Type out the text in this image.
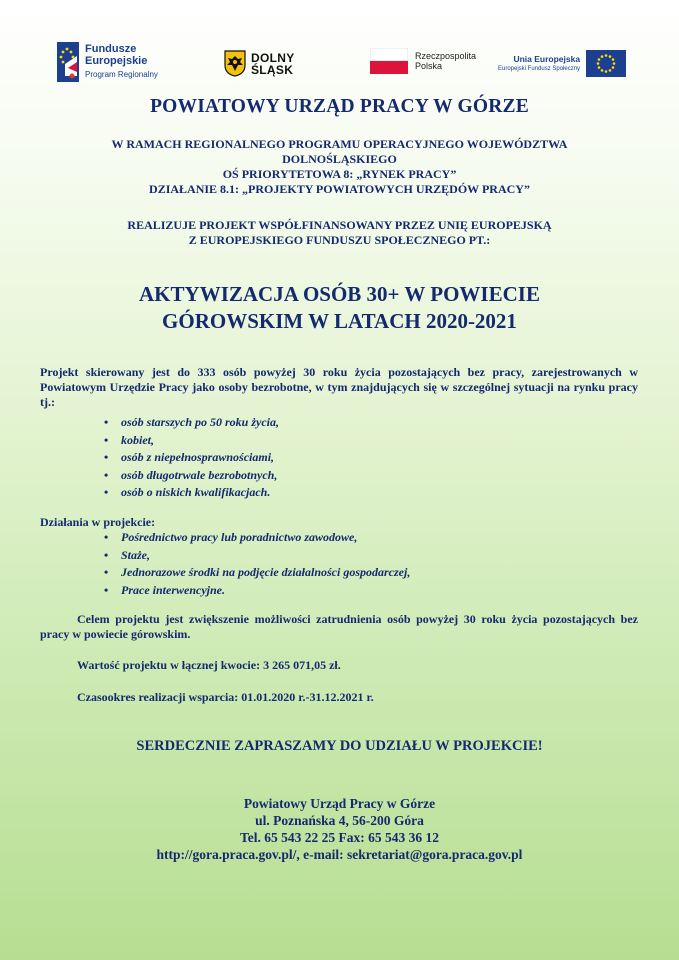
Fundusze
Europejskie
Program Regionalny
DOLNY
ŚLĄSK
Rzeczpospolita
Polska
Unia Europejska
Europejski Fundusz Społeczny
POWIATOWY URZĄD PRACY W GÓRZE
W RAMACH REGIONALNEGO PROGRAMU OPERACYJNEGO WOJEWÓDZTWA
DOLNOŚLĄSKIEGO
OŚ PRIORYTETOWA 8: „RYNEK PRACY”
DZIAŁANIE 8.1: „PROJEKTY POWIATOWYCH URZĘDÓW PRACY”
REALIZUJE PROJEKT WSPÓŁFINANSOWANY PRZEZ UNIĘ EUROPEJSKĄ
Z EUROPEJSKIEGO FUNDUSZU SPOŁECZNEGO PT.:
AKTYWIZACJA OSÓB 30+ W POWIECIE
GÓROWSKIM W LATACH 2020-2021
Projekt skierowany jest do 333 osób powyżej 30 roku życia pozostających bez pracy, zarejestrowanych w Powiatowym Urzędzie Pracy jako osoby bezrobotne, w tym znajdujących się w szczególnej sytuacji na rynku pracy tj.:
• osób starszych po 50 roku życia,
• kobiet,
• osób z niepełnosprawnościami,
• osób długotrwale bezrobotnych,
• osób o niskich kwalifikacjach.
Działania w projekcie:
• Pośrednictwo pracy lub poradnictwo zawodowe,
• Staże,
• Jednorazowe środki na podjęcie działalności gospodarczej,
• Prace interwencyjne.
Celem projektu jest zwiększenie możliwości zatrudnienia osób powyżej 30 roku życia pozostających bez pracy w powiecie górowskim.
Wartość projektu w łącznej kwocie: 3 265 071,05 zł.
Czasookres realizacji wsparcia: 01.01.2020 r.-31.12.2021 r.
SERDECZNIE ZAPRASZAMY DO UDZIAŁU W PROJEKCIE!
Powiatowy Urząd Pracy w Górze
ul. Poznańska 4, 56-200 Góra
Tel. 65 543 22 25 Fax: 65 543 36 12
http://gora.praca.gov.pl/, e-mail: sekretariat@gora.praca.gov.pl
